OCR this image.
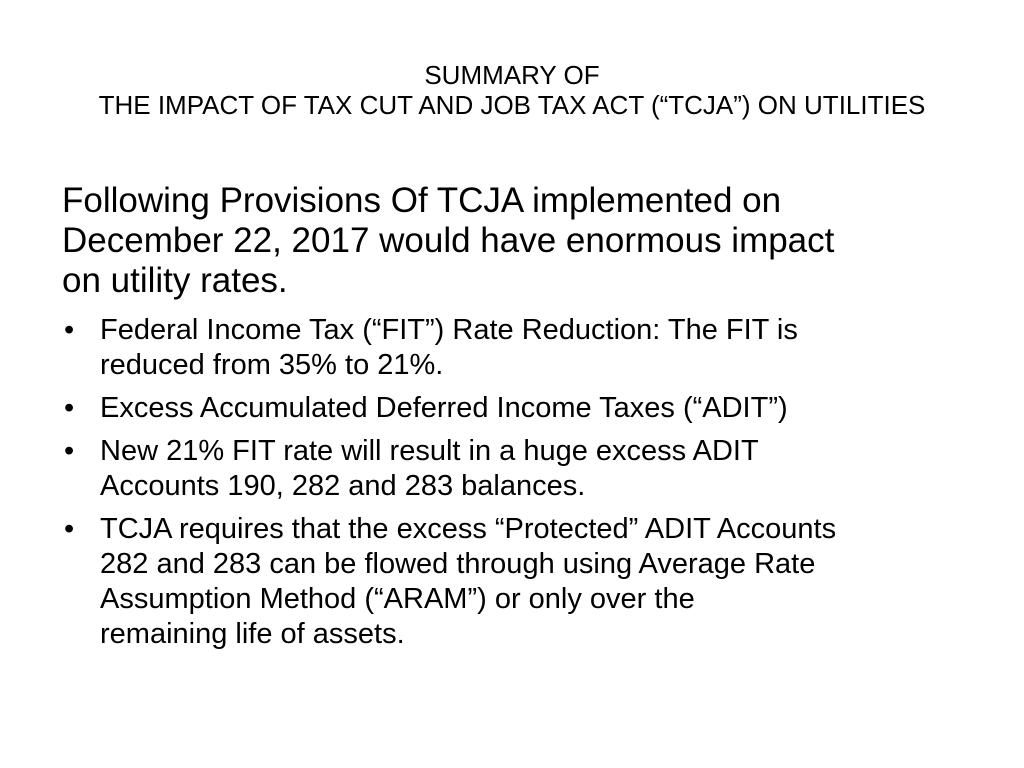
SUMMARY OF
THE IMPACT OF TAX CUT AND JOB TAX ACT (“TCJA”) ON UTILITIES
Following Provisions Of TCJA implemented on
December 22, 2017 would have enormous impact
on utility rates.
• Federal Income Tax (“FIT”) Rate Reduction: The FIT is
reduced from 35% to 21%.
• Excess Accumulated Deferred Income Taxes (“ADIT”)
• New 21% FIT rate will result in a huge excess ADIT
Accounts 190, 282 and 283 balances.
• TCJA requires that the excess “Protected” ADIT Accounts
282 and 283 can be flowed through using Average Rate
Assumption Method (“ARAM”) or only over the
remaining life of assets.
